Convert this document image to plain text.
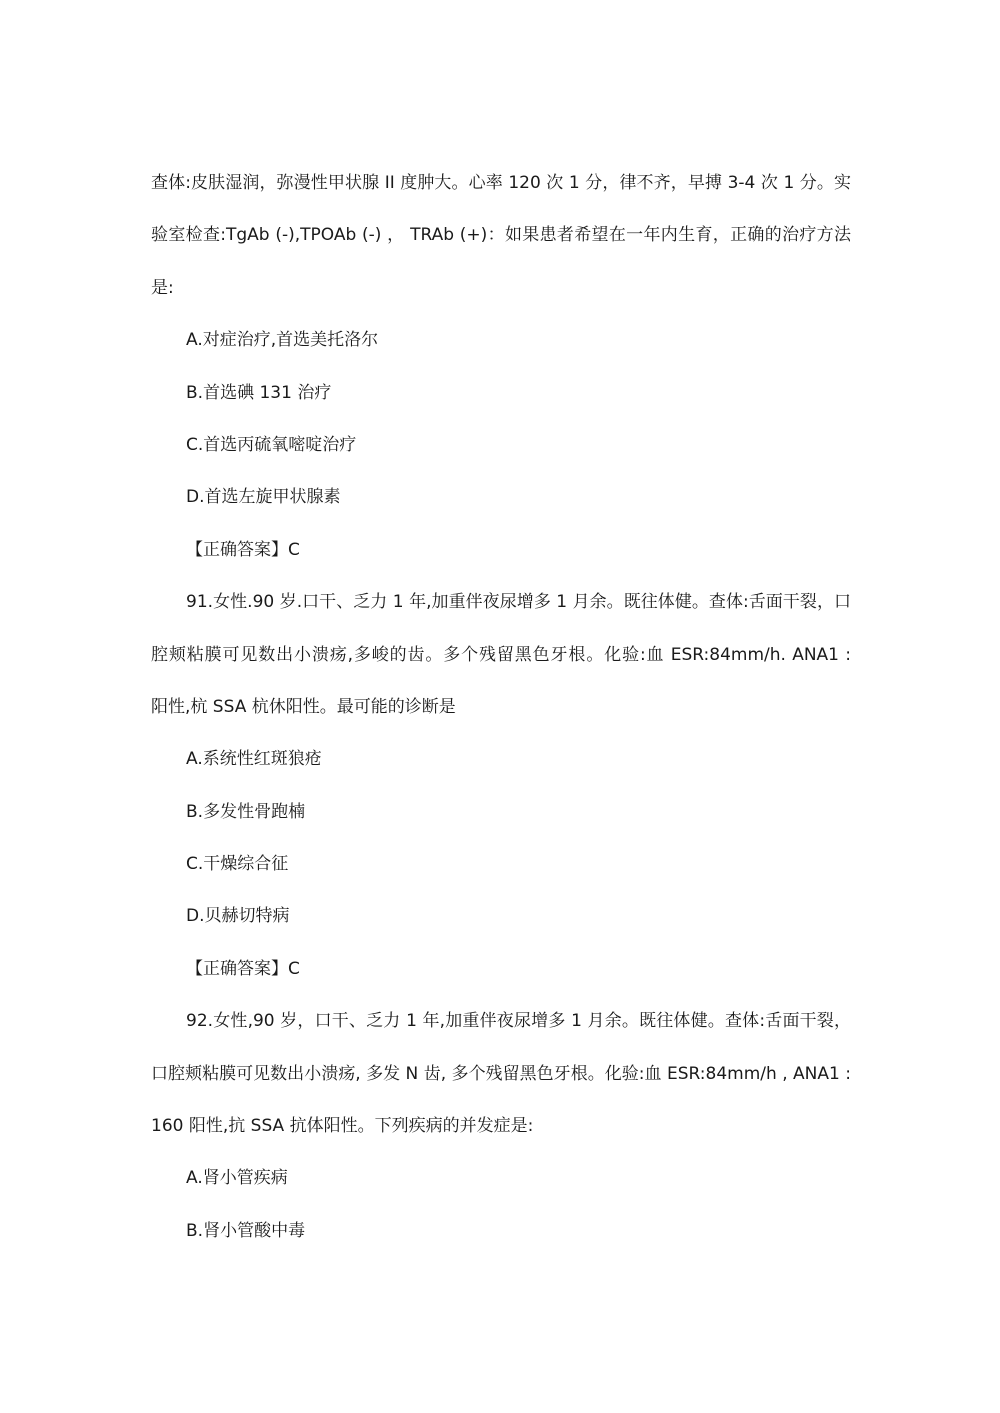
查体:皮肤湿润，弥漫性甲状腺 II 度肿大。心率 120 次 1 分，律不齐，早搏 3-4 次 1 分。实
验室检查:TgAb (-),TPOAb (-) ， TRAb (+)：如果患者希望在一年内生育，正确的治疗方法
是:
A.对症治疗,首选美托洛尔
B.首选碘 131 治疗
C.首选丙硫氧嘧啶治疗
D.首选左旋甲状腺素
【正确答案】C
91.女性.90 岁.口干、乏力 1 年,加重伴夜尿增多 1 月余。既往体健。查体:舌面干裂，口
腔颊粘膜可见数出小溃疡,多峻的齿。多个残留黑色牙根。化验:血 ESR:84mm/h. ANA1 :
阳性,杭 SSA 杭休阳性。最可能的诊断是
A.系统性红斑狼疮
B.多发性骨跑楠
C.干燥综合征
D.贝赫切特病
【正确答案】C
92.女性,90 岁，口干、乏力 1 年,加重伴夜尿增多 1 月余。既往体健。查体:舌面干裂，
口腔颊粘膜可见数出小溃疡, 多发 N 齿, 多个残留黑色牙根。化验:血 ESR:84mm/h , ANA1 :
160 阳性,抗 SSA 抗体阳性。下列疾病的并发症是:
A.肾小管疾病
B.肾小管酸中毒
